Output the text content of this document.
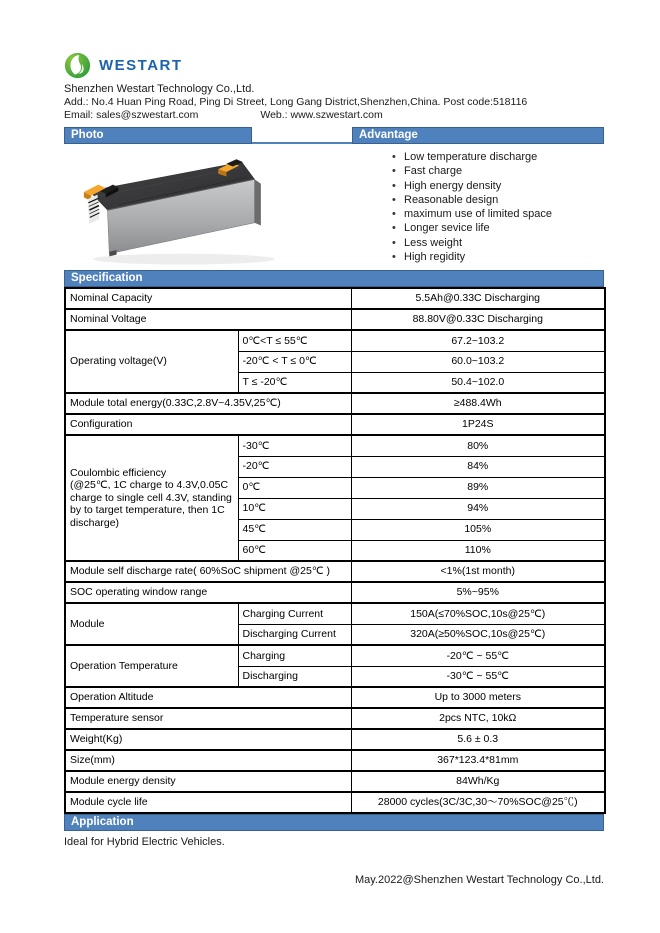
WESTART
Shenzhen Westart Technology Co.,Ltd.
Add.: No.4 Huan Ping Road, Ping Di Street, Long Gang District,Shenzhen,China. Post code:518116
Email: sales@szwestart.com	Web.: www.szwestart.com
Photo	Advantage
• Low temperature discharge
• Fast charge
• High energy density
• Reasonable design
• maximum use of limited space
• Longer sevice life
• Less weight
• High regidity
Specification
Nominal Capacity		5.5Ah@0.33C Discharging
Nominal Voltage		88.80V@0.33C Discharging
Operating voltage(V)	0℃<T ≤ 55℃	67.2~103.2
	-20℃ < T ≤ 0℃	60.0~103.2
	T ≤ -20℃	50.4~102.0
Module total energy(0.33C,2.8V~4.35V,25℃)		≥488.4Wh
Configuration		1P24S
Coulombic efficiency
(@25℃, 1C charge to 4.3V,0.05C charge to single cell 4.3V, standing by to target temperature, then 1C discharge)	-30℃	80%
	-20℃	84%
	0℃	89%
	10℃	94%
	45℃	105%
	60℃	110%
Module self discharge rate( 60%SoC shipment @25℃ )		<1%(1st month)
SOC operating window range		5%~95%
Module	Charging Current	150A(≤70%SOC,10s@25℃)
	Discharging Current	320A(≥50%SOC,10s@25℃)
Operation Temperature	Charging	-20℃ ~ 55℃
	Discharging	-30℃ ~ 55℃
Operation Altitude		Up to 3000 meters
Temperature sensor		2pcs NTC, 10kΩ
Weight(Kg)		5.6 ± 0.3
Size(mm)		367*123.4*81mm
Module energy density		84Wh/Kg
Module cycle life		28000 cycles(3C/3C,30～70%SOC@25℃)
Application
Ideal for Hybrid Electric Vehicles.
May.2022@Shenzhen Westart Technology Co.,Ltd.
